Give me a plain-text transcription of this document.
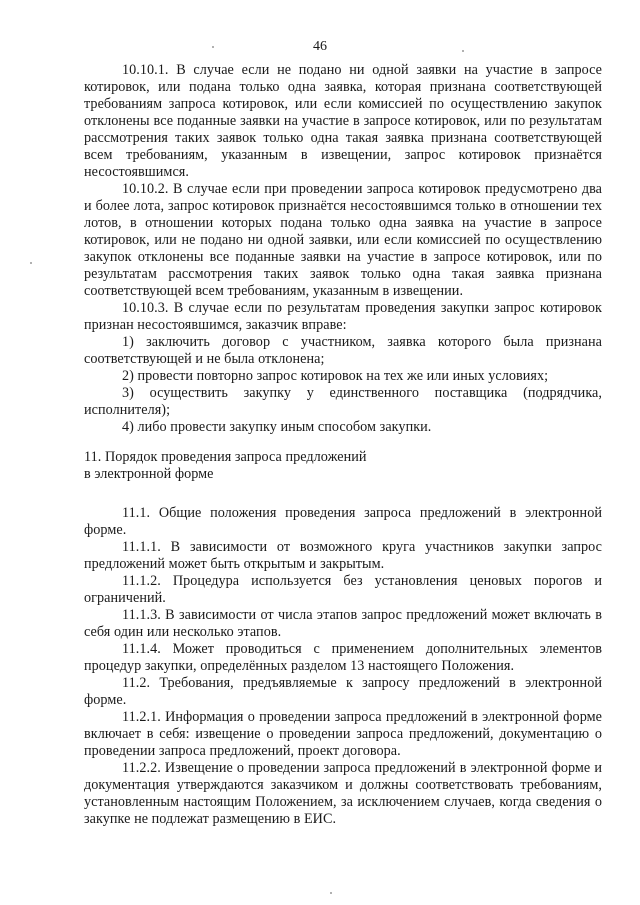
46

10.10.1. В случае если не подано ни одной заявки на участие в запросе котировок, или подана только одна заявка, которая признана соответствующей требованиям запроса котировок, или если комиссией по осуществлению закупок отклонены все поданные заявки на участие в запросе котировок, или по результатам рассмотрения таких заявок только одна такая заявка признана соответствующей всем требованиям, указанным в извещении, запрос котировок признаётся несостоявшимся.

10.10.2. В случае если при проведении запроса котировок предусмотрено два и более лота, запрос котировок признаётся несостоявшимся только в отношении тех лотов, в отношении которых подана только одна заявка на участие в запросе котировок, или не подано ни одной заявки, или если комиссией по осуществлению закупок отклонены все поданные заявки на участие в запросе котировок, или по результатам рассмотрения таких заявок только одна такая заявка признана соответствующей всем требованиям, указанным в извещении.

10.10.3. В случае если по результатам проведения закупки запрос котировок признан несостоявшимся, заказчик вправе:

1) заключить договор с участником, заявка которого была признана соответствующей и не была отклонена;

2) провести повторно запрос котировок на тех же или иных условиях;

3) осуществить закупку у единственного поставщика (подрядчика, исполнителя);

4) либо провести закупку иным способом закупки.

11. Порядок проведения запроса предложений

в электронной форме

11.1. Общие положения проведения запроса предложений в электронной форме.

11.1.1. В зависимости от возможного круга участников закупки запрос предложений может быть открытым и закрытым.

11.1.2. Процедура используется без установления ценовых порогов и ограничений.

11.1.3. В зависимости от числа этапов запрос предложений может включать в себя один или несколько этапов.

11.1.4. Может проводиться с применением дополнительных элементов процедур закупки, определённых разделом 13 настоящего Положения.

11.2. Требования, предъявляемые к запросу предложений в электронной форме.

11.2.1. Информация о проведении запроса предложений в электронной форме включает в себя: извещение о проведении запроса предложений, документацию о проведении запроса предложений, проект договора.

11.2.2. Извещение о проведении запроса предложений в электронной форме и документация утверждаются заказчиком и должны соответствовать требованиям, установленным настоящим Положением, за исключением случаев, когда сведения о закупке не подлежат размещению в ЕИС.
